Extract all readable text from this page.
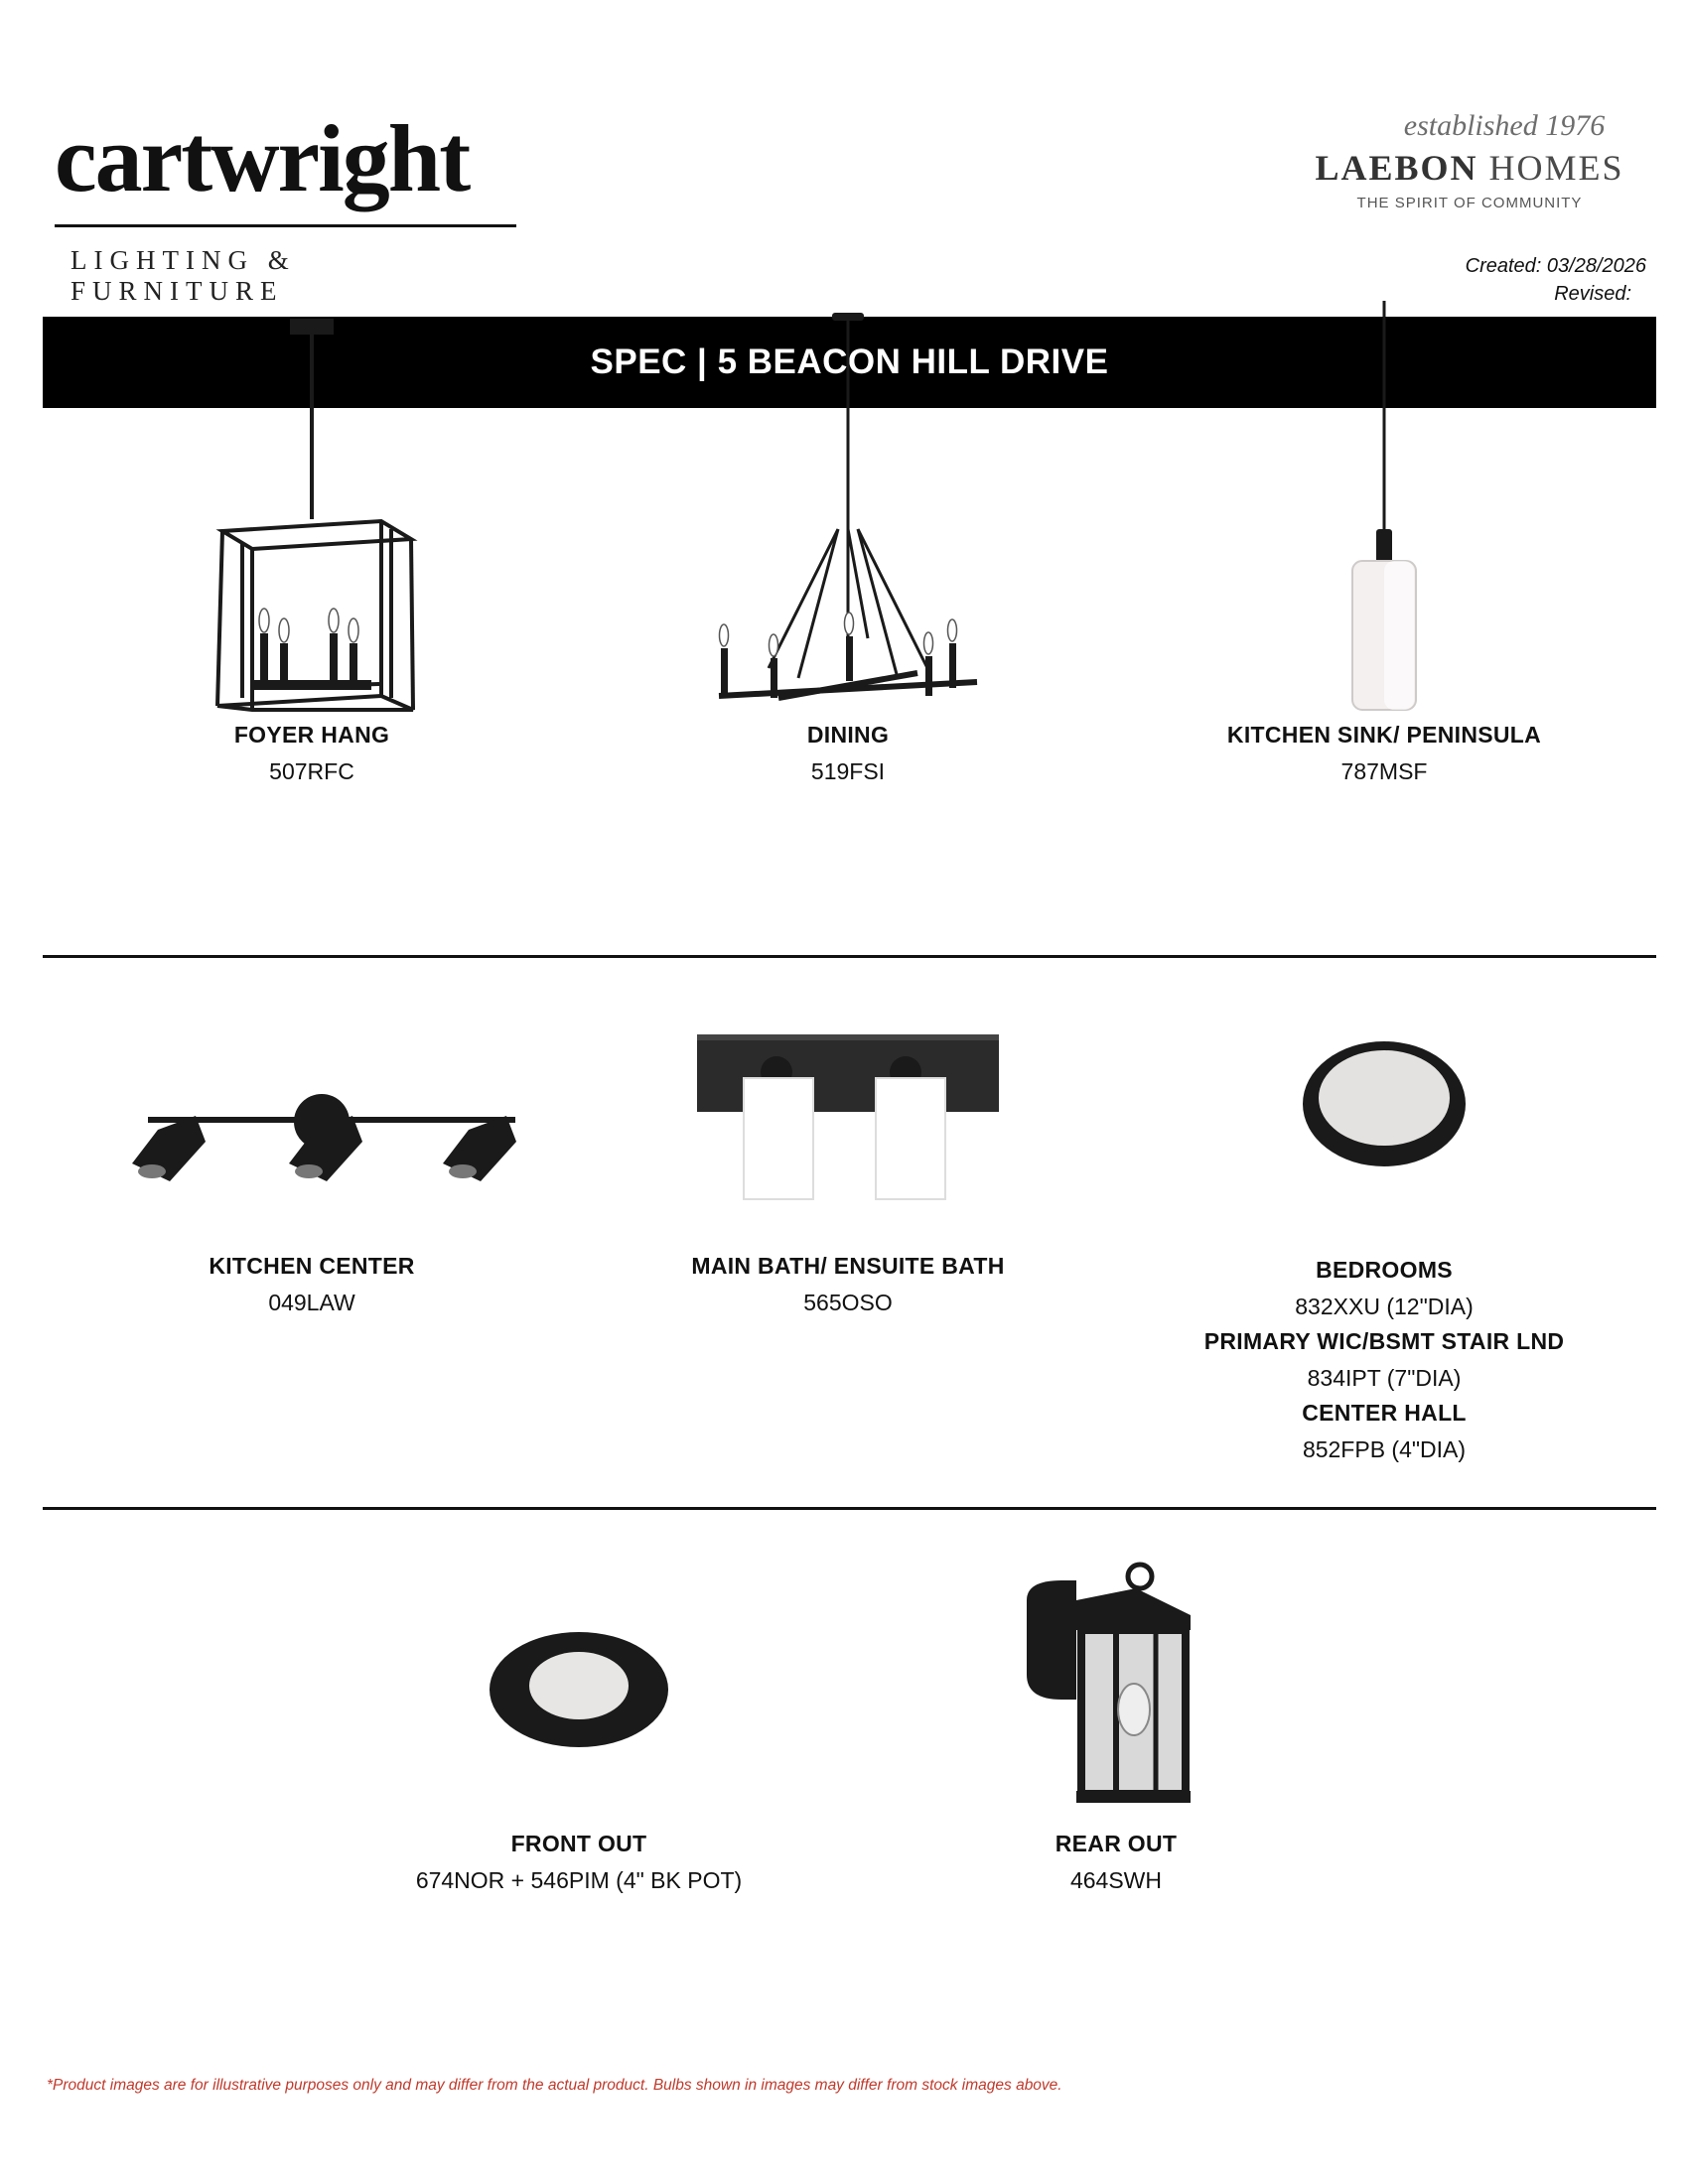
cartwright
LIGHTING & FURNITURE
established 1976
LAEBON HOMES
THE SPIRIT OF COMMUNITY
Created: 03/28/2026
Revised:
SPEC | 5 BEACON HILL DRIVE
FOYER HANG
507RFC
DINING
519FSI
KITCHEN SINK/ PENINSULA
787MSF
KITCHEN CENTER
049LAW
MAIN BATH/ ENSUITE BATH
565OSO
BEDROOMS
832XXU (12"DIA)
PRIMARY WIC/BSMT STAIR LND
834IPT (7"DIA)
CENTER HALL
852FPB (4"DIA)
FRONT OUT
674NOR + 546PIM (4" BK POT)
REAR OUT
464SWH
*Product images are for illustrative purposes only and may differ from the actual product. Bulbs shown in images may differ from stock images above.
